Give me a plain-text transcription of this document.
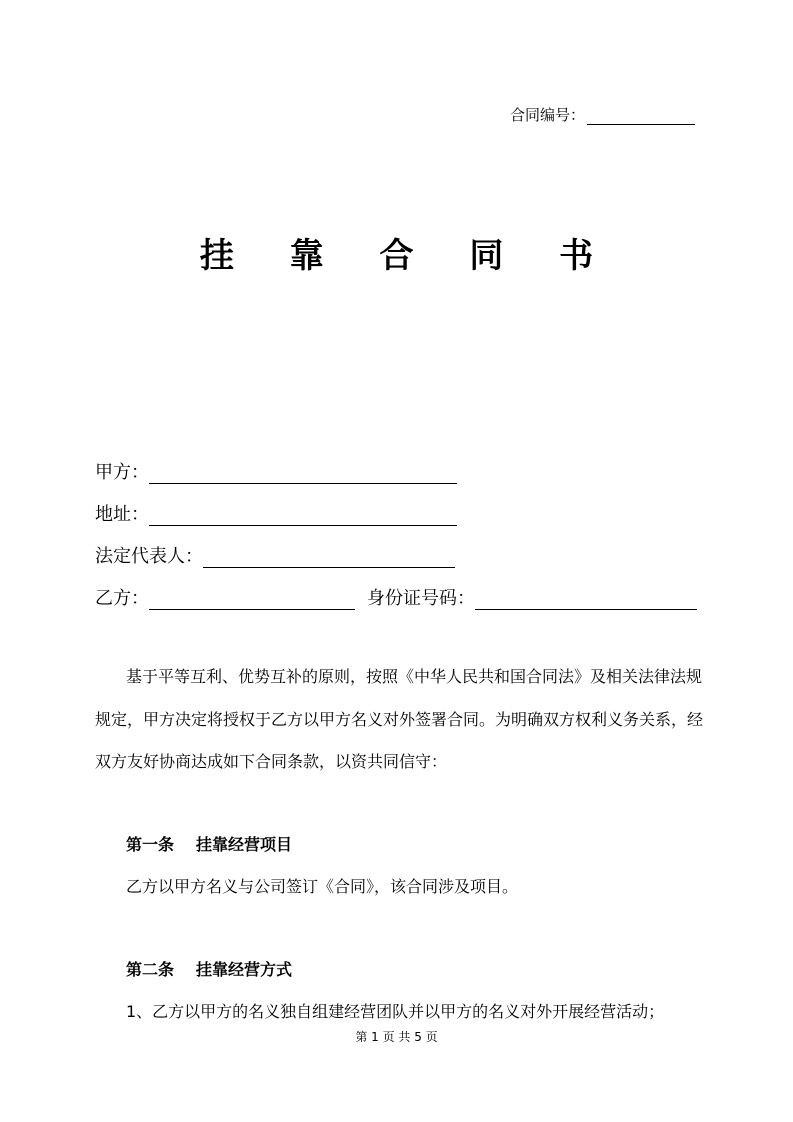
合同编号：
挂 靠 合 同 书
甲方：
地址：
法定代表人：
乙方：	身份证号码：
基于平等互利、优势互补的原则，按照《中华人民共和国合同法》及相关法律法规
规定，甲方决定将授权于乙方以甲方名义对外签署合同。为明确双方权利义务关系，经
双方友好协商达成如下合同条款，以资共同信守：
第一条 挂靠经营项目
乙方以甲方名义与公司签订《合同》，该合同涉及项目。
第二条 挂靠经营方式
1、乙方以甲方的名义独自组建经营团队并以甲方的名义对外开展经营活动；
第 1 页 共 5 页
